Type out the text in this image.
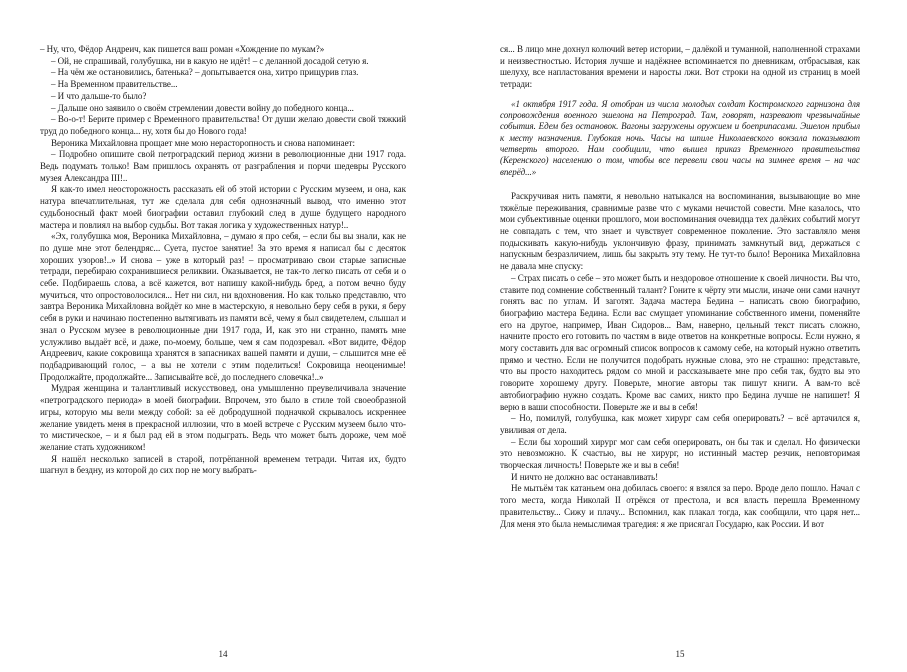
– Ну, что, Фёдор Андреич, как пишется ваш роман «Хождение по мукам?»

– Ой, не спрашивай, голубушка, ни в какую не идёт! – с деланной досадой сетую я.

– На чём же остановились, батенька? – допытывается она, хитро прищурив глаз.

– На Временном правительстве...

– И что дальше-то было?

– Дальше оно заявило о своём стремлении довести войну до победного конца...

– Во-о-т! Берите пример с Временного правительства! От души желаю довести свой тяжкий труд до победного конца... ну, хотя бы до Нового года!

Вероника Михайловна прощает мне мою нерасторопность и снова напоминает:

– Подробно опишите свой петроградский период жизни в революционные дни 1917 года. Ведь подумать только! Вам пришлось охранять от разграбления и порчи шедевры Русского музея Александра III!..

Я как-то имел неосторожность рассказать ей об этой истории с Русским музеем, и она, как натура впечатлительная, тут же сделала для себя однозначный вывод, что именно этот судьбоносный факт моей биографии оставил глубокий след в душе будущего народного мастера и повлиял на выбор судьбы. Вот такая логика у художественных натур!..

«Эх, голубушка моя, Вероника Михайловна, – думаю я про себя, – если бы вы знали, как не по душе мне этот белендряс... Суета, пустое занятие! За это время я написал бы с десяток хороших узоров!..» И снова – уже в который раз! – просматриваю свои старые записные тетради, перебираю сохранившиеся реликвии. Оказывается, не так-то легко писать от себя и о себе. Подбираешь слова, а всё кажется, вот напишу какой-нибудь бред, а потом вечно буду мучиться, что опростоволосился... Нет ни сил, ни вдохновения. Но как только представлю, что завтра Вероника Михайловна войдёт ко мне в мастерскую, я невольно беру себя в руки, я беру себя в руки и начинаю постепенно вытягивать из памяти всё, чему я был свидетелем, слышал и знал о Русском музее в революционные дни 1917 года, И, как это ни странно, память мне услужливо выдаёт всё, и даже, по-моему, больше, чем я сам подозревал. «Вот видите, Фёдор Андреевич, какие сокровища хранятся в запасниках вашей памяти и души, – слышится мне её подбадривающий голос, – а вы не хотели с этим поделиться! Сокровища неоценимые! Продолжайте, продолжайте... Записывайте всё, до последнего словечка!..»

Мудрая женщина и талантливый искусствовед, она умышленно преувеличивала значение «петроградского периода» в моей биографии. Впрочем, это было в стиле той своеобразной игры, которую мы вели между собой: за её добродушной подначкой скрывалось искреннее желание увидеть меня в прекрасной иллюзии, что в моей встрече с Русским музеем было что-то мистическое, – и я был рад ей в этом подыграть. Ведь что может быть дороже, чем моё желание стать художником!

Я нашёл несколько записей в старой, потрёпанной временем тетради. Читая их, будто шагнул в бездну, из которой до сих пор не могу выбрать-

14

ся... В лицо мне дохнул колючий ветер истории, – далёкой и туманной, наполненной страхами и неизвестностью. История лучше и надёжнее вспоминается по дневникам, отбрасывая, как шелуху, все напластования времени и наросты лжи. Вот строки на одной из страниц в моей тетради:

«1 октября 1917 года. Я отобран из числа молодых солдат Костромского гарнизона для сопровождения военного эшелона на Петроград. Там, говорят, назревают чрезвычайные события. Едем без остановок. Вагоны загружены оружием и боеприпасами. Эшелон прибыл к месту назначения. Глубокая ночь. Часы на шпиле Николаевского вокзала показывают четверть второго. Нам сообщили, что вышел приказ Временного правительства (Керенского) населению о том, чтобы все перевели свои часы на зимнее время – на час вперёд...»

Раскручивая нить памяти, я невольно натыкался на воспоминания, вызывающие во мне тяжёлые переживания, сравнимые разве что с муками нечистой совести. Мне казалось, что мои субъективные оценки прошлого, мои воспоминания очевидца тех далёких событий могут не совпадать с тем, что знает и чувствует современное поколение. Это заставляло меня подыскивать какую-нибудь уклончивую фразу, принимать замкнутый вид, держаться с напускным безразличием, лишь бы закрыть эту тему. Не тут-то было! Вероника Михайловна не давала мне спуску:

– Страх писать о себе – это может быть и нездоровое отношение к своей личности. Вы что, ставите под сомнение собственный талант? Гоните к чёрту эти мысли, иначе они сами начнут гонять вас по углам. И заготят. Задача мастера Бедина – написать свою биографию, биографию мастера Бедина. Если вас смущает упоминание собственного имени, поменяйте его на другое, например, Иван Сидоров... Вам, наверно, цельный текст писать сложно, начните просто его готовить по частям в виде ответов на конкретные вопросы. Если нужно, я могу составить для вас огромный список вопросов к самому себе, на который нужно ответить прямо и честно. Если не получится подобрать нужные слова, это не страшно: представьте, что вы просто находитесь рядом со мной и рассказываете мне про себя так, будто вы это говорите хорошему другу. Поверьте, многие авторы так пишут книги. А вам-то всё автобиографию нужно создать. Кроме вас самих, никто про Бедина лучше не напишет! Я верю в ваши способности. Поверьте же и вы в себя!

– Но, помилуй, голубушка, как может хирург сам себя оперировать? – всё артачился я, увиливая от дела.

– Если бы хороший хирург мог сам себя оперировать, он бы так и сделал. Но физически это невозможно. К счастью, вы не хирург, но истинный мастер резчик, неповторимая творческая личность! Поверьте же и вы в себя!

И ничто не должно вас останавливать!

Не мытьём так катаньем она добилась своего: я взялся за перо. Вроде дело пошло. Начал с того места, когда Николай II отрёкся от престола, и вся власть перешла Временному правительству... Сижу и плачу... Вспомнил, как плакал тогда, как сообщили, что царя нет... Для меня это была немыслимая трагедия: я же присягал Государю, как России. И вот

15
